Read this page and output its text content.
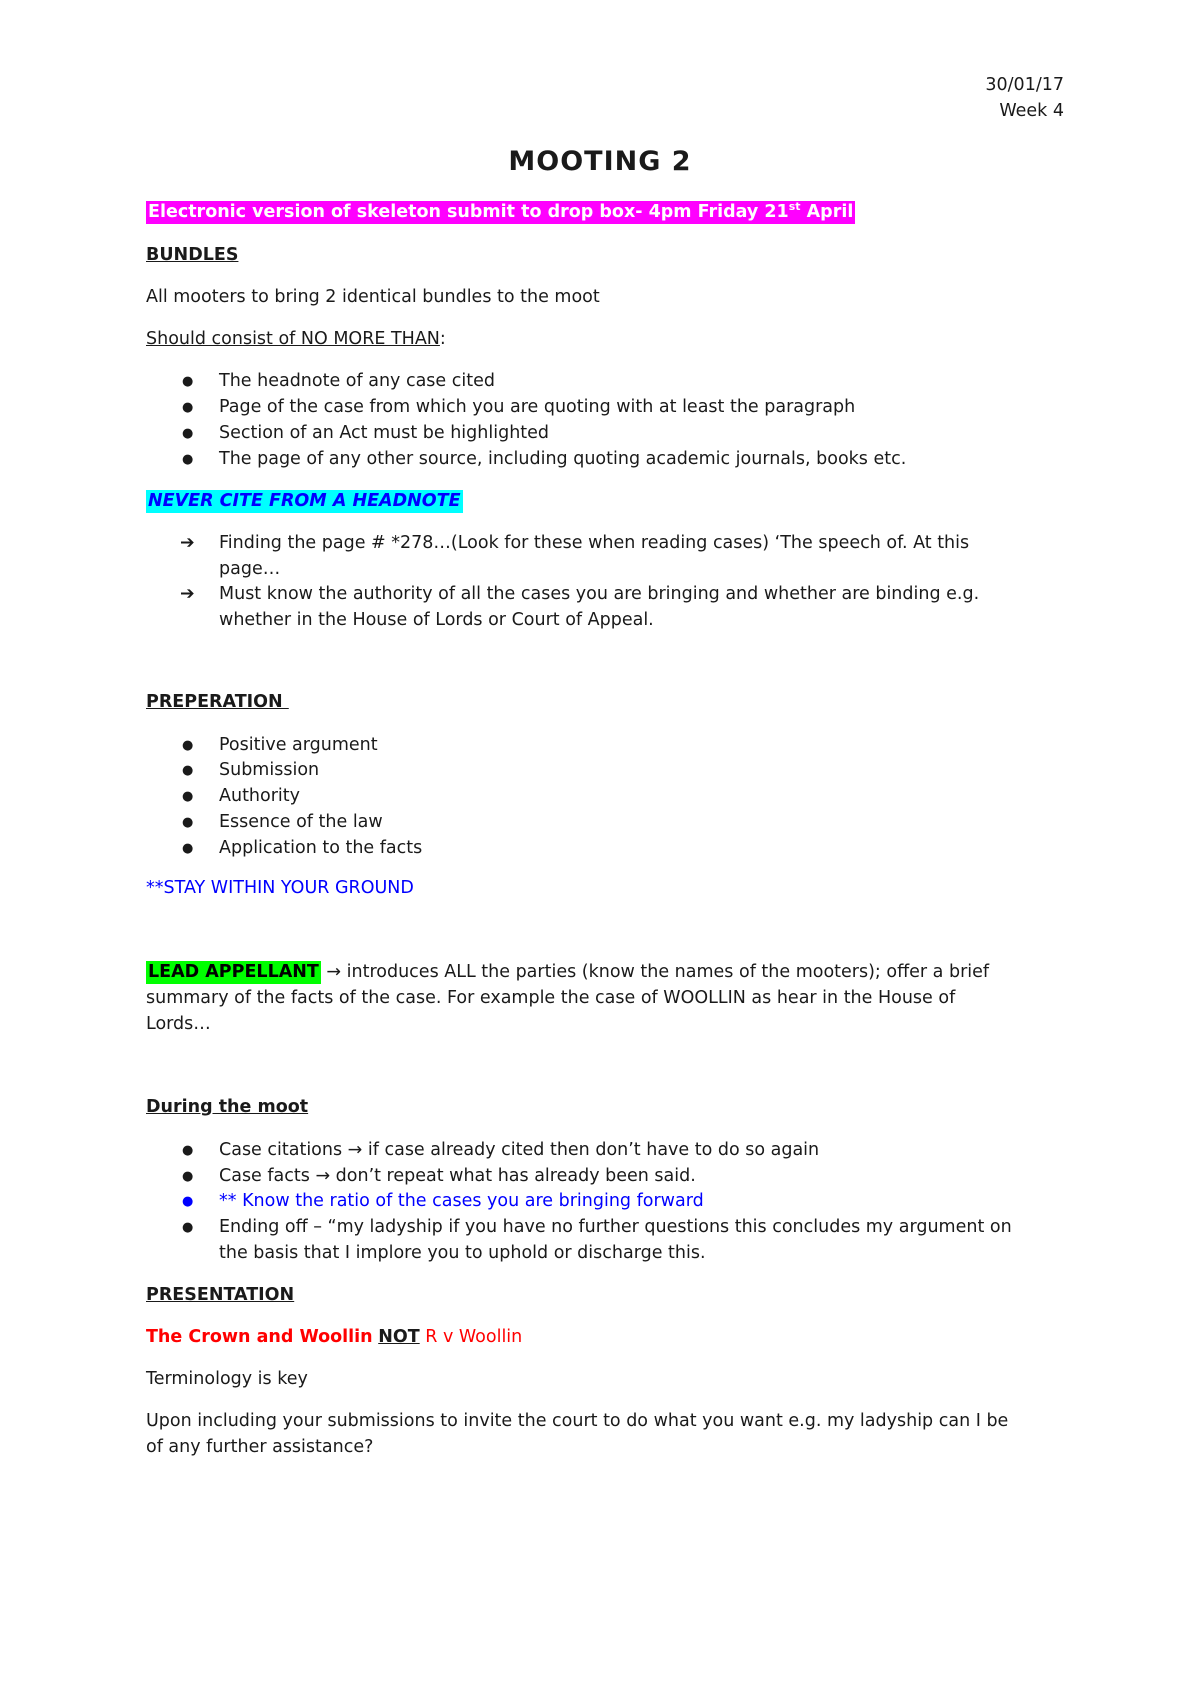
30/01/17
Week 4
MOOTING 2
Electronic version of skeleton submit to drop box- 4pm Friday 21st April
BUNDLES
All mooters to bring 2 identical bundles to the moot
Should consist of NO MORE THAN:
● The headnote of any case cited
● Page of the case from which you are quoting with at least the paragraph
● Section of an Act must be highlighted
● The page of any other source, including quoting academic journals, books etc.
NEVER CITE FROM A HEADNOTE
➔ Finding the page # *278…(Look for these when reading cases) ‘The speech of. At this
page…
➔ Must know the authority of all the cases you are bringing and whether are binding e.g.
whether in the House of Lords or Court of Appeal.
PREPERATION
● Positive argument
● Submission
● Authority
● Essence of the law
● Application to the facts
**STAY WITHIN YOUR GROUND
LEAD APPELLANT → introduces ALL the parties (know the names of the mooters); offer a brief
summary of the facts of the case. For example the case of WOOLLIN as hear in the House of
Lords…
During the moot
● Case citations → if case already cited then don’t have to do so again
● Case facts → don’t repeat what has already been said.
● ** Know the ratio of the cases you are bringing forward
● Ending off – “my ladyship if you have no further questions this concludes my argument on
the basis that I implore you to uphold or discharge this.
PRESENTATION
The Crown and Woollin NOT R v Woollin
Terminology is key
Upon including your submissions to invite the court to do what you want e.g. my ladyship can I be
of any further assistance?
